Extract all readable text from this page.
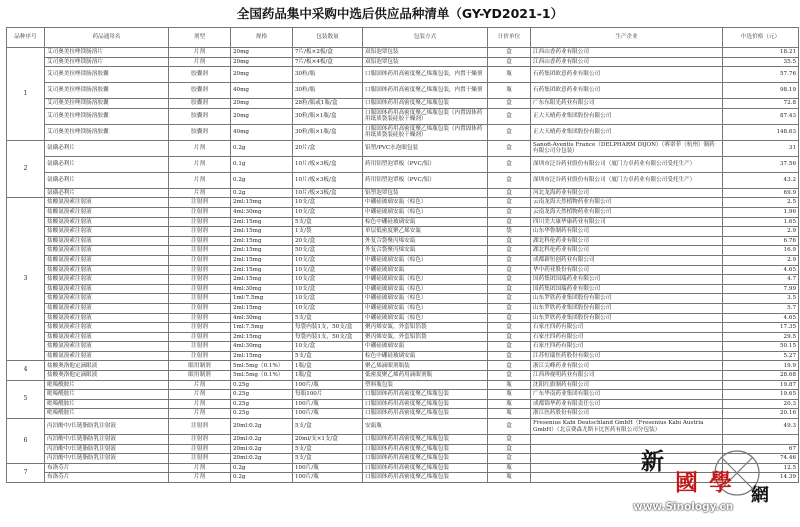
全国药品集中采购中选后供应品种清单（GY-YD2021-1）
品种序号	药品通用名	剂型	规格	包装数量	包装方式	计价单位	生产企业	中选价格（元）
1	艾司奥美拉唑镁肠溶片	片剂	20mg	7片/板×2板/盒	双铝泡罩包装	盒	江西山香药业有限公司	18.21
	艾司奥美拉唑镁肠溶片	片剂	20mg	7片/板×4板/盒	双铝泡罩包装	盒	江西山香药业有限公司	35.5
	艾司奥美拉唑镁肠溶胶囊	胶囊剂	20mg	30粒/瓶	口服固体药用高密度聚乙烯瓶包装，内置干燥剂	瓶	石药集团欧意药业有限公司	57.76
	艾司奥美拉唑镁肠溶胶囊	胶囊剂	40mg	30粒/瓶	口服固体药用高密度聚乙烯瓶包装，内置干燥剂	瓶	石药集团欧意药业有限公司	98.19
	艾司奥美拉唑镁肠溶胶囊	胶囊剂	20mg	28粒/瓶或1瓶/盒	口服固体药用高密度聚乙烯瓶包装	盒	广东东阳光药业有限公司	72.8
	艾司奥美拉唑镁肠溶胶囊	胶囊剂	20mg	30粒/瓶×1瓶/盒	口服固体药用高密度聚乙烯瓶包装（内置固体药用纸质袋装硅胶干燥剂）	盒	正大天晴药业集团股份有限公司	87.43
	艾司奥美拉唑镁肠溶胶囊	胶囊剂	40mg	30粒/瓶×1瓶/盒	口服固体药用高密度聚乙烯瓶包装（内置固体药用纸质袋装硅胶干燥剂）	盒	正大天晴药业集团股份有限公司	148.63
2	氨磺必利片	片剂	0.2g	20片/盒	铝塑/PVC水泡眼包装	盒	Sanofi-Aventis France（DELPHARM DIJON）（赛诺菲（杭州）制药有限公司分包装）	31
	氨磺必利片	片剂	0.1g	10片/板×3板/盒	药用铝塑泡罩板（PVC/铝）	盒	深圳市泛谷药业股份有限公司（厦门力卓药业有限公司受托生产）	37.56
	氨磺必利片	片剂	0.2g	10片/板×3板/盒	药用铝塑泡罩板（PVC/铝）	盒	深圳市泛谷药业股份有限公司（厦门力卓药业有限公司受托生产）	43.2
	氨磺必利片	片剂	0.2g	10片/板×3板/盒	铝塑泡罩包装	盒	河北龙海药业有限公司	69.9
3	盐酸氨溴索注射液	注射剂	2ml:15mg	10支/盒	中硼硅玻璃安瓿（棕色）	盒	云南龙海天然植物药业有限公司	2.5
	盐酸氨溴索注射液	注射剂	4ml:30mg	10支/盒	中硼硅玻璃安瓿（棕色）	盒	云南龙海天然植物药业有限公司	1.96
	盐酸氨溴索注射液	注射剂	2ml:15mg	5支/盒	棕色中硼硅玻璃安瓿	盒	四川美大康华康药业有限公司	1.65
	盐酸氨溴索注射液	注射剂	2ml:15mg	1支/袋	单层低密度聚乙烯安瓿	袋	山东华鲁制药有限公司	2.9
	盐酸氨溴索注射液	注射剂	2ml:15mg	20支/盒	外复合袋聚丙烯安瓿	盒	湖北科伦药业有限公司	6.76
	盐酸氨溴索注射液	注射剂	2ml:15mg	50支/盒	外复合袋聚丙烯安瓿	盒	湖北科伦药业有限公司	16.9
	盐酸氨溴索注射液	注射剂	2ml:15mg	10支/盒	中硼硅玻璃安瓿（棕色）	盒	成都新恒创药业有限公司	2.9
	盐酸氨溴索注射液	注射剂	2ml:15mg	10支/盒	中硼硅玻璃安瓿	盒	华中药业股份有限公司	4.65
	盐酸氨溴索注射液	注射剂	2ml:15mg	10支/盒	中硼硅玻璃安瓿（棕色）	盒	国药集团国瑞药业有限公司	4.7
	盐酸氨溴索注射液	注射剂	4ml:30mg	10支/盒	中硼硅玻璃安瓿（棕色）	盒	国药集团国瑞药业有限公司	7.99
	盐酸氨溴索注射液	注射剂	1ml:7.5mg	10支/盒	中硼硅玻璃安瓿（棕色）	盒	山东罗欣药业集团股份有限公司	3.5
	盐酸氨溴索注射液	注射剂	2ml:15mg	10支/盒	中硼硅玻璃安瓿（棕色）	盒	山东罗欣药业集团股份有限公司	5.7
	盐酸氨溴索注射液	注射剂	4ml:30mg	5支/盒	中硼硅玻璃安瓿（棕色）	盒	山东罗欣药业集团股份有限公司	4.65
	盐酸氨溴索注射液	注射剂	1ml:7.5mg	每袋内装1支，50支/盒	聚丙烯安瓿，外套铝箔袋	盒	石家庄四药有限公司	17.35
	盐酸氨溴索注射液	注射剂	2ml:15mg	每袋内装1支，50支/盒	聚丙烯安瓿，外套铝箔袋	盒	石家庄四药有限公司	29.5
	盐酸氨溴索注射液	注射剂	4ml:30mg	10支/盒	中硼硅玻璃安瓿	盒	石家庄四药有限公司	50.15
	盐酸氨溴索注射液	注射剂	2ml:15mg	5支/盒	棕色中硼硅玻璃安瓿	盒	江苏恒瑞医药股份有限公司	5.27
4	盐酸奥洛他定滴眼液	眼用制剂	5ml:5mg（0.1%）	1瓶/盒	聚乙烯滴眼剂瓶装	盒	浙江尖峰药业有限公司	19.9
	盐酸奥洛他定滴眼液	眼用制剂	5ml:5mg（0.1%）	1瓶/盒	低密度聚乙烯药用滴眼剂瓶	盒	江西珍视明药业有限公司	28.68
5	吡嗪酰胺片	片剂	0.25g	100片/瓶	塑料瓶包装	瓶	沈阳红旗制药有限公司	19.87
	吡嗪酰胺片	片剂	0.25g	每瓶100片	口服固体药用高密度聚乙烯瓶包装	瓶	广东华南药业集团有限公司	19.65
	吡嗪酰胺片	片剂	0.25g	100片/瓶	口服固体药用高密度聚乙烯瓶包装	瓶	成都锦华药业有限责任公司	20.3
	吡嗪酰胺片	片剂	0.25g	100片/瓶	口服固体药用高密度聚乙烯瓶包装	瓶	浙江医药股份有限公司	20.16
6	丙泊酚中/长链脂肪乳注射液	注射剂	20ml:0.2g	5支/盒	安瓿瓶	盒	Fresenius Kabi Deutschland GmbH（Fresenius Kabi Austria GmbH）（北京费森尤斯卡比医药有限公司分包装）	49.3
	丙泊酚中/长链脂肪乳注射液	注射剂	20ml:0.2g	20ml/支×1支/盒	口服固体药用高密度聚乙烯瓶包装	盒		
	丙泊酚中/长链脂肪乳注射液	注射剂	20ml:0.2g	5支/盒	口服固体药用高密度聚乙烯瓶包装	盒		67
	丙泊酚中/长链脂肪乳注射液	注射剂	20ml:0.2g	5支/盒	口服固体药用高密度聚乙烯瓶包装	盒		74.46
7	布洛芬片	片剂	0.2g	100片/瓶	口服固体药用高密度聚乙烯瓶包装	瓶		12.5
	布洛芬片	片剂	0.2g	100片/瓶	口服固体药用高密度聚乙烯瓶包装	瓶		14.39
新
國 學 網
www.Sinology.cn
